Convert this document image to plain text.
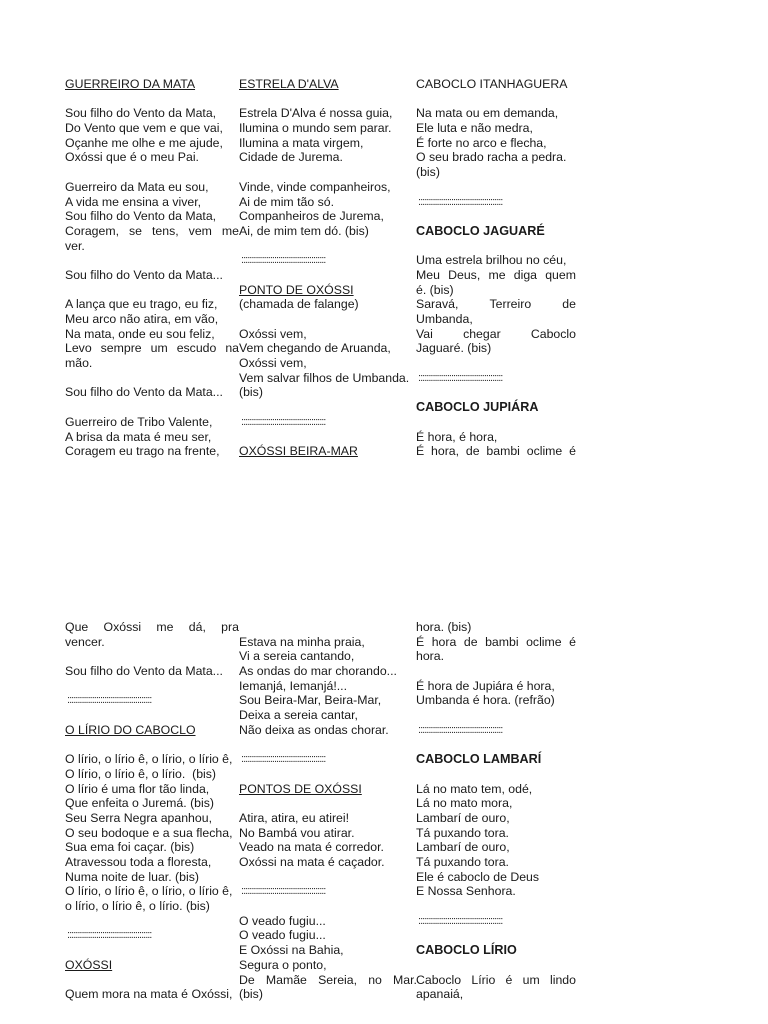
GUERREIRO DA MATA
Sou filho do Vento da Mata,
Do Vento que vem e que vai,
Oçanhe me olhe e me ajude,
Oxóssi que é o meu Pai.
Guerreiro da Mata eu sou,
A vida me ensina a viver,
Sou filho do Vento da Mata,
Coragem, se tens, vem me
ver.
Sou filho do Vento da Mata...
A lança que eu trago, eu fiz,
Meu arco não atira, em vão,
Na mata, onde eu sou feliz,
Levo sempre um escudo na
mão.
Sou filho do Vento da Mata...
Guerreiro de Tribo Valente,
A brisa da mata é meu ser,
Coragem eu trago na frente,
ESTRELA D'ALVA
Estrela D'Alva é nossa guia,
Ilumina o mundo sem parar.
Ilumina a mata virgem,
Cidade de Jurema.
Vinde, vinde companheiros,
Ai de mim tão só.
Companheiros de Jurema,
Ai, de mim tem dó. (bis)
:::::::::::::::::::::::::::::::::::::::::
PONTO DE OXÓSSI
(chamada de falange)
Oxóssi vem,
Vem chegando de Aruanda,
Oxóssi vem,
Vem salvar filhos de Umbanda.
(bis)
:::::::::::::::::::::::::::::::::::::::::
OXÓSSI BEIRA-MAR
CABOCLO ITANHAGUERA
Na mata ou em demanda,
Ele luta e não medra,
É forte no arco e flecha,
O seu brado racha a pedra.
(bis)
:::::::::::::::::::::::::::::::::::::::::
CABOCLO JAGUARÉ
Uma estrela brilhou no céu,
Meu Deus, me diga quem
é. (bis)
Saravá,	Terreiro	de
Umbanda,
Vai chegar Caboclo
Jaguaré. (bis)
:::::::::::::::::::::::::::::::::::::::::
CABOCLO JUPIÁRA
É hora, é hora,
É hora, de bambi oclime é
Que Oxóssi me dá, pra
vencer.
Sou filho do Vento da Mata...
:::::::::::::::::::::::::::::::::::::::::
O LÍRIO DO CABOCLO
O lírio, o lírio ê, o lírio, o lírio ê,
O lírio, o lírio ê, o lírio.  (bis)
O lírio é uma flor tão linda,
Que enfeita o Juremá. (bis)
Seu Serra Negra apanhou,
O seu bodoque e a sua flecha,
Sua ema foi caçar. (bis)
Atravessou toda a floresta,
Numa noite de luar. (bis)
O lírio, o lírio ê, o lírio, o lírio ê,
o lírio, o lírio ê, o lírio. (bis)
:::::::::::::::::::::::::::::::::::::::::
OXÓSSI
Quem mora na mata é Oxóssi,
Estava na minha praia,
Vi a sereia cantando,
As ondas do mar chorando...
Iemanjá, Iemanjá!...
Sou Beira-Mar, Beira-Mar,
Deixa a sereia cantar,
Não deixa as ondas chorar.
:::::::::::::::::::::::::::::::::::::::::
PONTOS DE OXÓSSI
Atira, atira, eu atirei!
No Bambá vou atirar.
Veado na mata é corredor.
Oxóssi na mata é caçador.
:::::::::::::::::::::::::::::::::::::::::
O veado fugiu...
O veado fugiu...
E Oxóssi na Bahia,
Segura o ponto,
De Mamãe Sereia, no Mar.
(bis)
hora. (bis)
É hora de bambi oclime é
hora.
É hora de Jupiára é hora,
Umbanda é hora. (refrão)
:::::::::::::::::::::::::::::::::::::::::
CABOCLO LAMBARÍ
Lá no mato tem, odé,
Lá no mato mora,
Lambarí de ouro,
Tá puxando tora.
Lambarí de ouro,
Tá puxando tora.
Ele é caboclo de Deus
E Nossa Senhora.
:::::::::::::::::::::::::::::::::::::::::
CABOCLO LÍRIO
Caboclo Lírio é um lindo
apanaiá,
